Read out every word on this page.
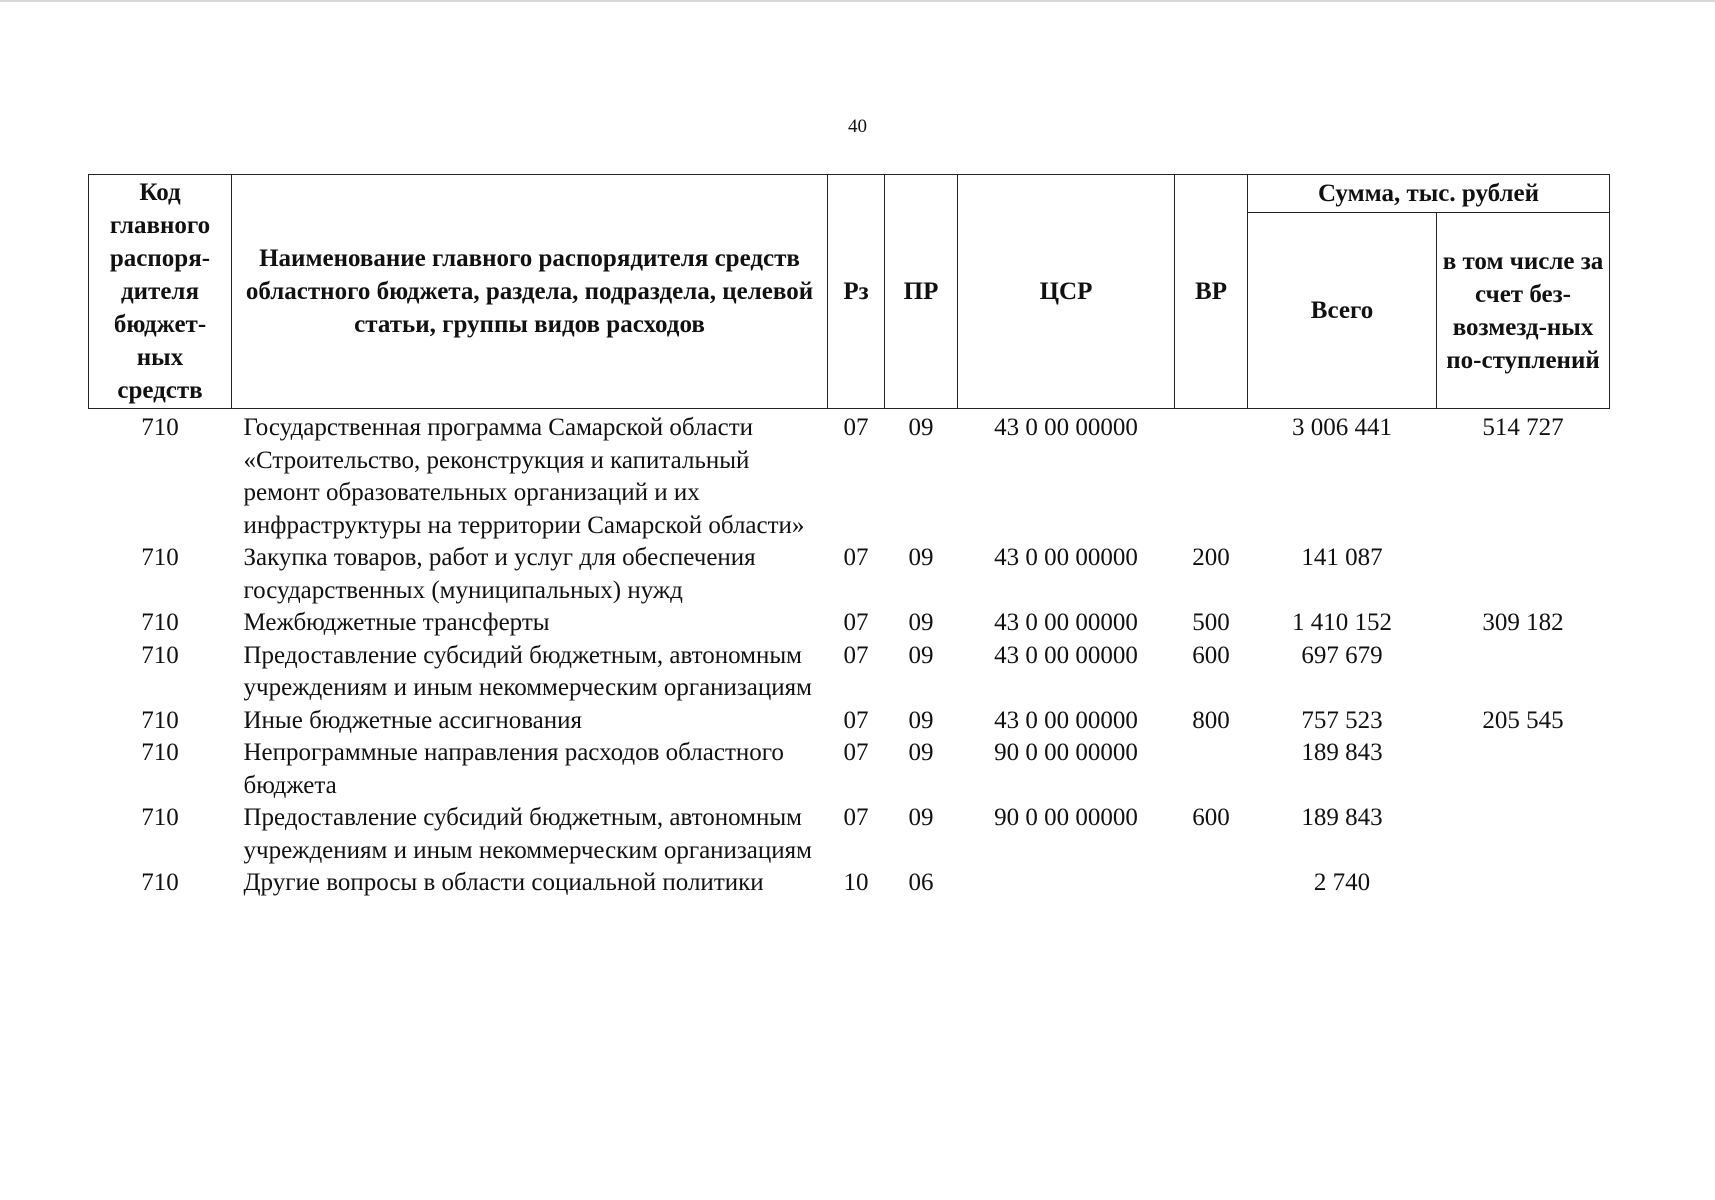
40
Код главного распоря-дителя бюджет-ных средств	Наименование главного распорядителя средств областного бюджета, раздела, подраздела, целевой статьи, группы видов расходов	Рз	ПР	ЦСР	ВР	Сумма, тыс. рублей	
						Всего	в том числе за счет без-возмезд-ных по-ступлений
710	Государственная программа Самарской области «Строительство, реконструкция и капитальный ремонт образовательных организаций и их инфраструктуры на территории Самарской области»	07	09	43 0 00 00000		3 006 441	514 727
710	Закупка товаров, работ и услуг для обеспечения государственных (муниципальных) нужд	07	09	43 0 00 00000	200	141 087	
710	Межбюджетные трансферты	07	09	43 0 00 00000	500	1 410 152	309 182
710	Предоставление субсидий бюджетным, автономным учреждениям и иным некоммерческим организациям	07	09	43 0 00 00000	600	697 679	
710	Иные бюджетные ассигнования	07	09	43 0 00 00000	800	757 523	205 545
710	Непрограммные направления расходов областного бюджета	07	09	90 0 00 00000		189 843	
710	Предоставление субсидий бюджетным, автономным учреждениям и иным некоммерческим организациям	07	09	90 0 00 00000	600	189 843	
710	Другие вопросы в области социальной политики	10	06			2 740	
